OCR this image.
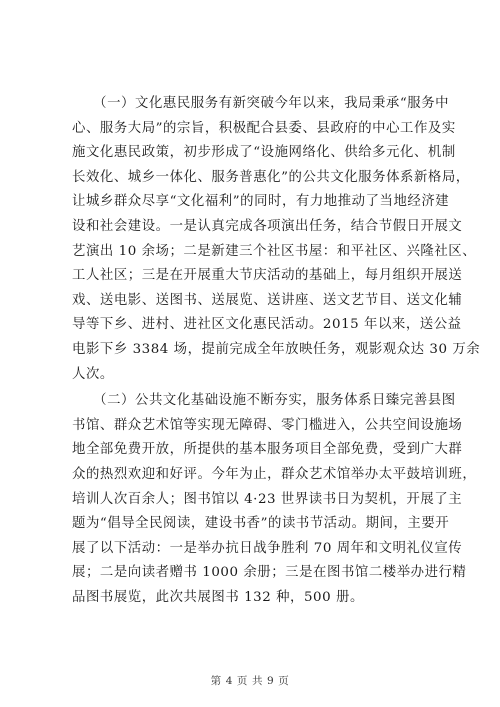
　　（一）文化惠民服务有新突破今年以来，我局秉承“服务中
心、服务大局”的宗旨，积极配合县委、县政府的中心工作及实
施文化惠民政策，初步形成了“设施网络化、供给多元化、机制
长效化、城乡一体化、服务普惠化”的公共文化服务体系新格局，
让城乡群众尽享“文化福利”的同时，有力地推动了当地经济建
设和社会建设。一是认真完成各项演出任务，结合节假日开展文
艺演出 10 余场；二是新建三个社区书屋：和平社区、兴隆社区、
工人社区；三是在开展重大节庆活动的基础上，每月组织开展送
戏、送电影、送图书、送展览、送讲座、送文艺节目、送文化辅
导等下乡、进村、进社区文化惠民活动。2015 年以来，送公益
电影下乡 3384 场，提前完成全年放映任务，观影观众达 30 万余
人次。
　　（二）公共文化基础设施不断夯实，服务体系日臻完善县图
书馆、群众艺术馆等实现无障碍、零门槛进入，公共空间设施场
地全部免费开放，所提供的基本服务项目全部免费，受到广大群
众的热烈欢迎和好评。今年为止，群众艺术馆举办太平鼓培训班，
培训人次百余人；图书馆以 4·23 世界读书日为契机，开展了主
题为“倡导全民阅读，建设书香”的读书节活动。期间，主要开
展了以下活动：一是举办抗日战争胜利 70 周年和文明礼仪宣传
展；二是向读者赠书 1000 余册；三是在图书馆二楼举办进行精
品图书展览，此次共展图书 132 种，500 册。
第 4 页 共 9 页
